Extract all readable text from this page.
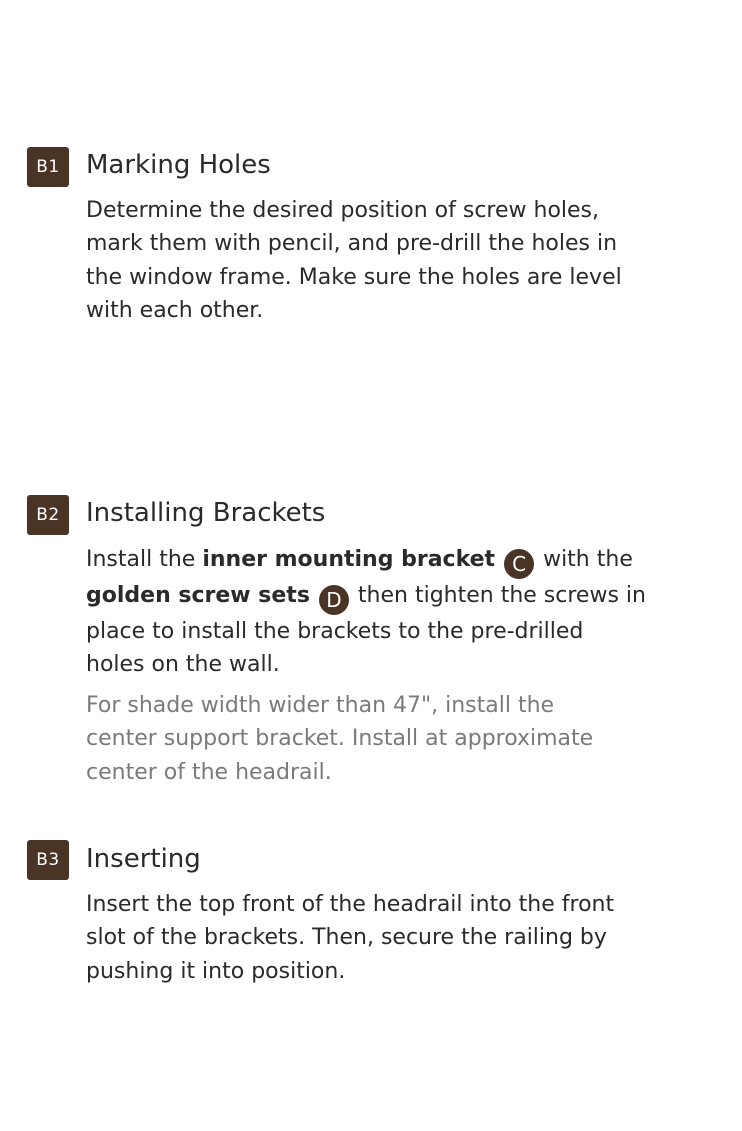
B1	Marking Holes
Determine the desired position of screw holes,
mark them with pencil, and pre-drill the holes in
the window frame. Make sure the holes are level
with each other.
B2	Installing Brackets
Install the inner mounting bracket C with the
golden screw sets D then tighten the screws in
place to install the brackets to the pre-drilled
holes on the wall.
For shade width wider than 47", install the
center support bracket. Install at approximate
center of the headrail.
B3	Inserting
Insert the top front of the headrail into the front
slot of the brackets. Then, secure the railing by
pushing it into position.
